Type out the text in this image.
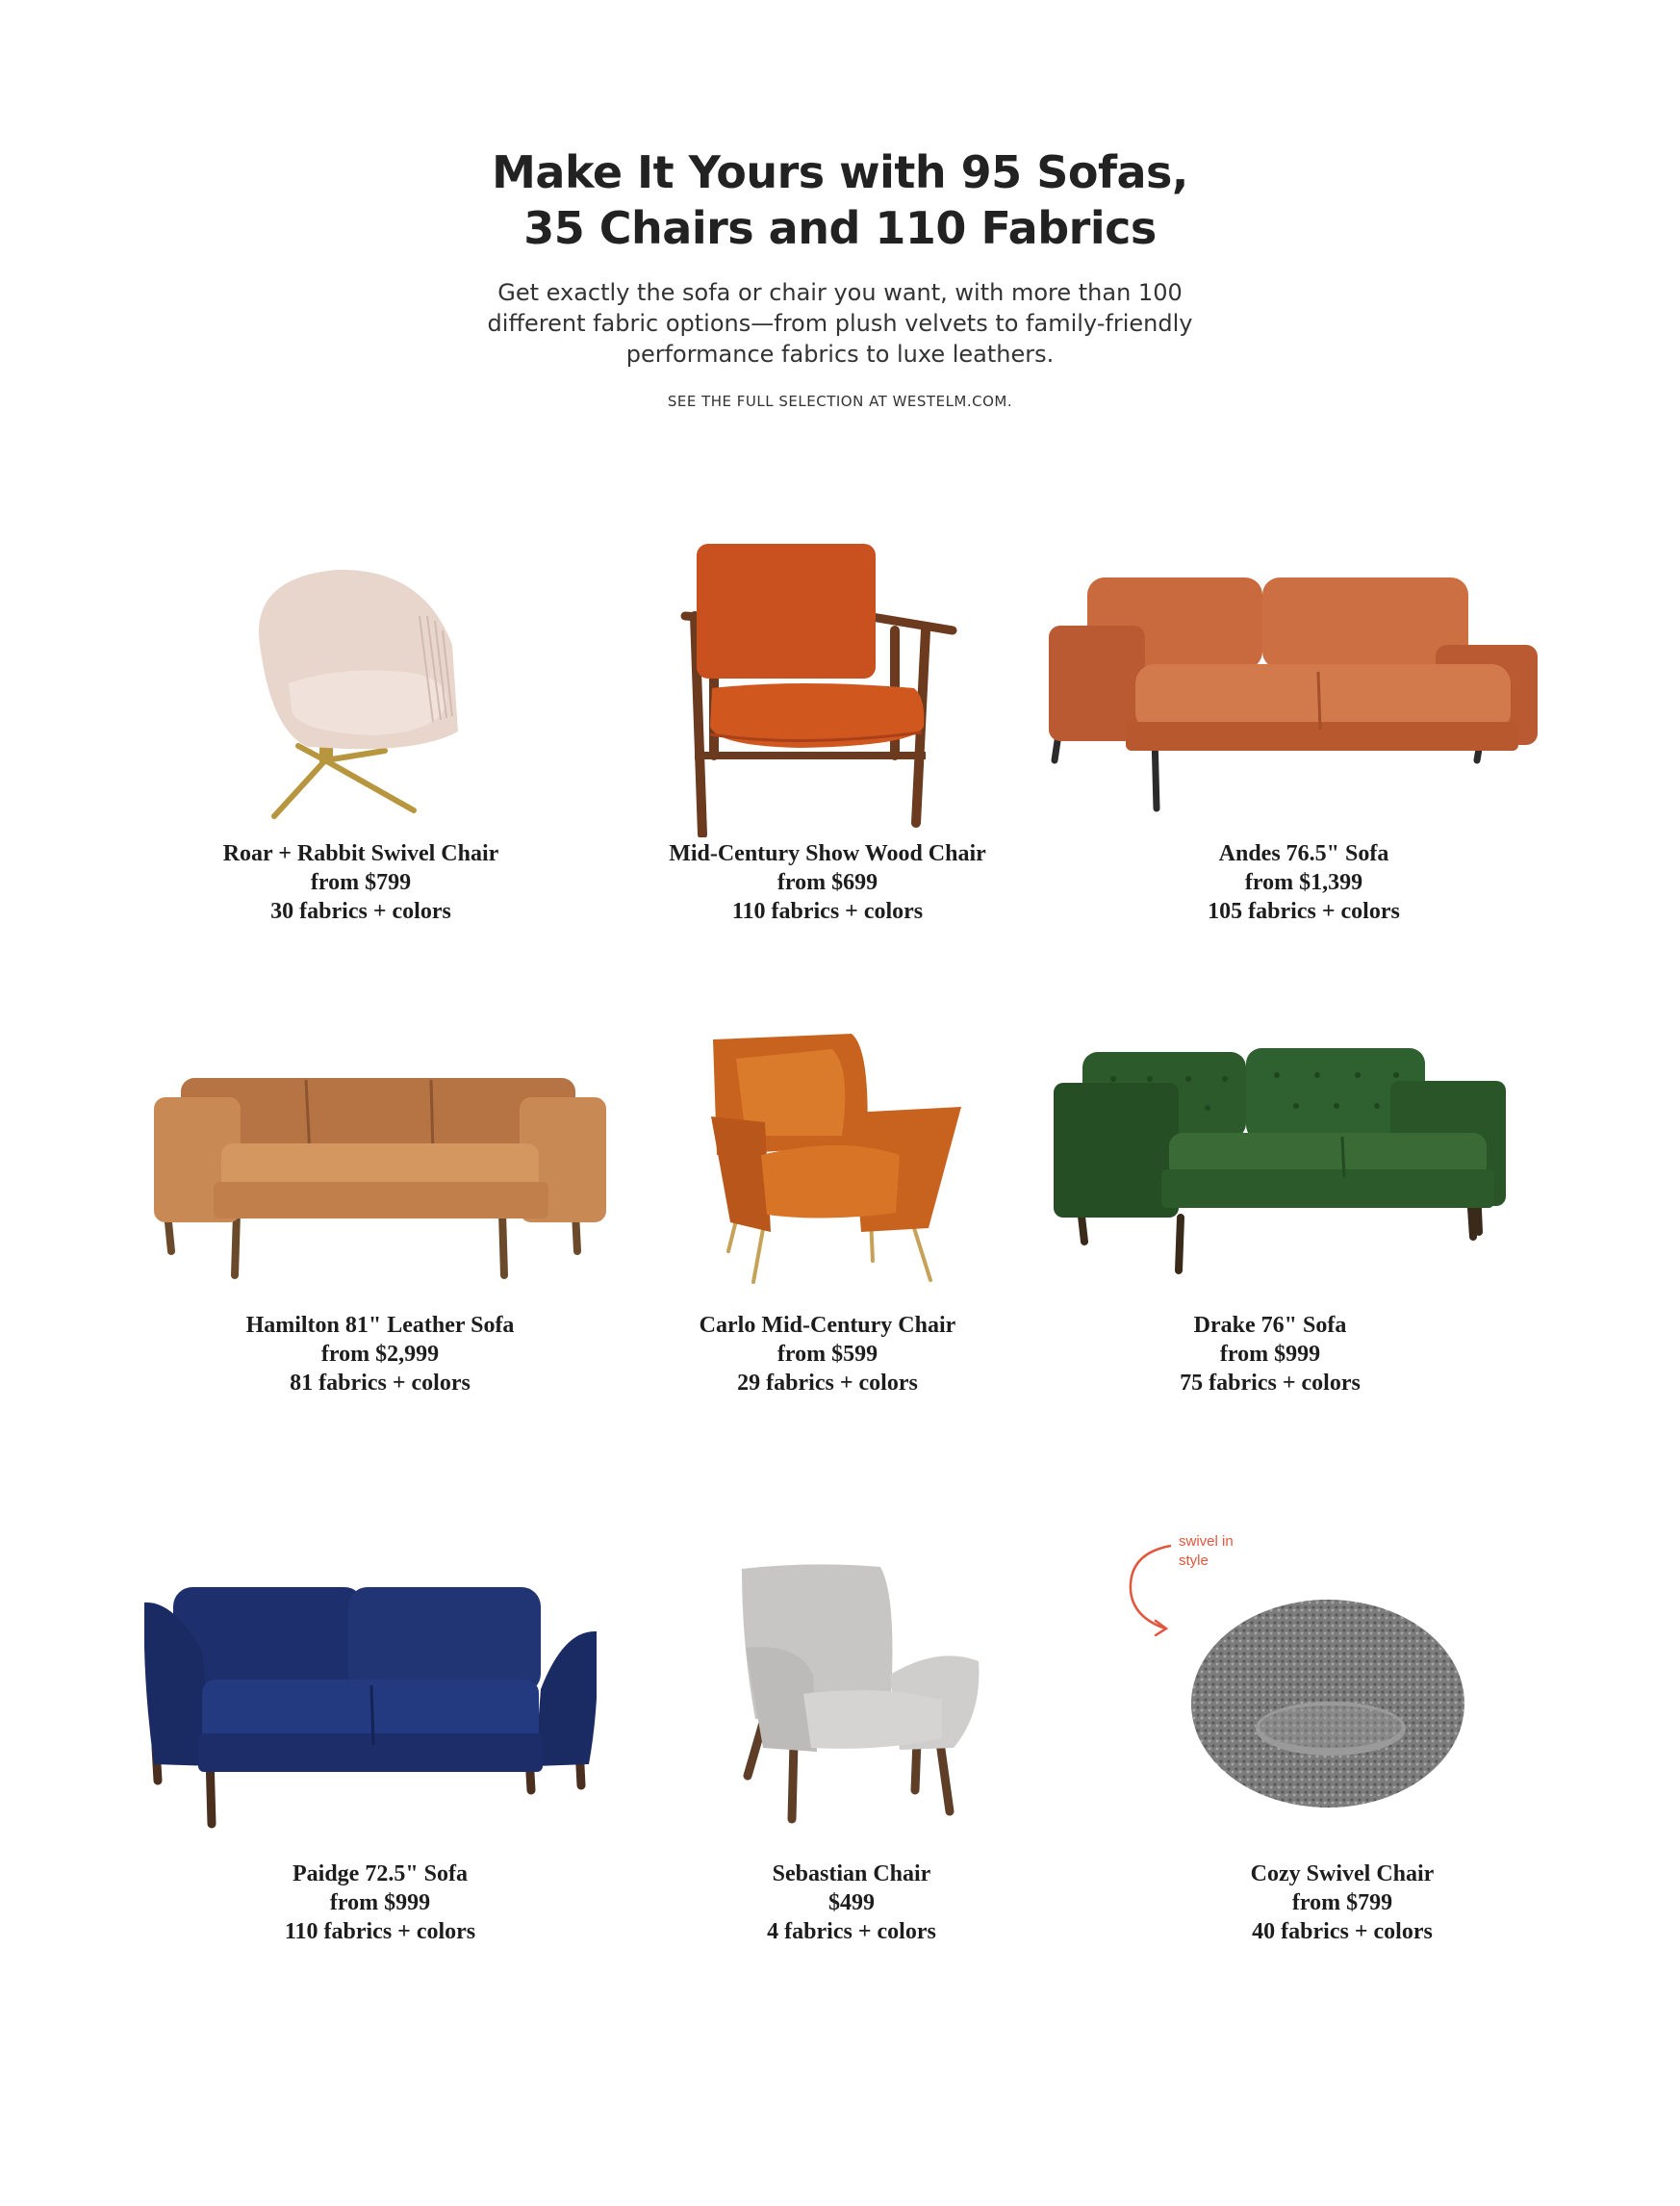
Make It Yours with 95 Sofas,
35 Chairs and 110 Fabrics
Get exactly the sofa or chair you want, with more than 100
different fabric options—from plush velvets to family-friendly
performance fabrics to luxe leathers.
SEE THE FULL SELECTION AT WESTELM.COM.
Roar + Rabbit Swivel Chair
from $799
30 fabrics + colors
Mid-Century Show Wood Chair
from $699
110 fabrics + colors
Andes 76.5" Sofa
from $1,399
105 fabrics + colors
Hamilton 81" Leather Sofa
from $2,999
81 fabrics + colors
Carlo Mid-Century Chair
from $599
29 fabrics + colors
Drake 76" Sofa
from $999
75 fabrics + colors
Paidge 72.5" Sofa
from $999
110 fabrics + colors
Sebastian Chair
$499
4 fabrics + colors
Cozy Swivel Chair
from $799
40 fabrics + colors
swivel in
style
